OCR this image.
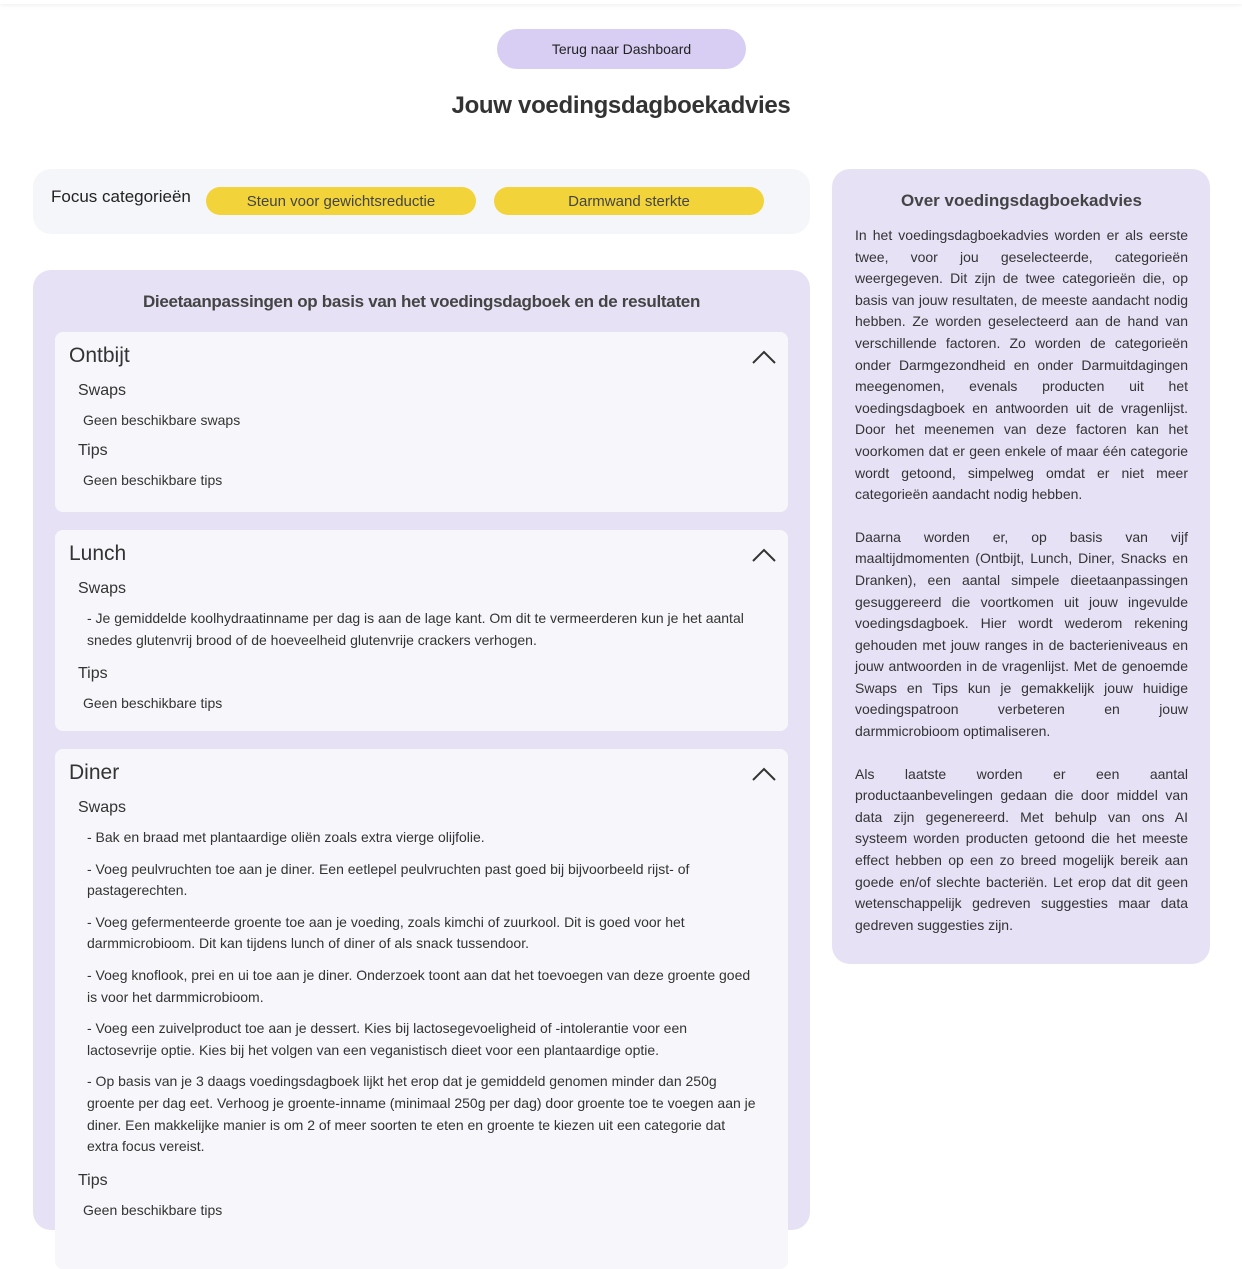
Terug naar Dashboard
Jouw voedingsdagboekadvies
Focus categorieën	Steun voor gewichtsreductie	Darmwand sterkte
Dieetaanpassingen op basis van het voedingsdagboek en de resultaten
Ontbijt
Swaps
Geen beschikbare swaps
Tips
Geen beschikbare tips
Lunch
Swaps
- Je gemiddelde koolhydraatinname per dag is aan de lage kant. Om dit te vermeerderen kun je het aantal snedes glutenvrij brood of de hoeveelheid glutenvrije crackers verhogen.
Tips
Geen beschikbare tips
Diner
Swaps
- Bak en braad met plantaardige oliën zoals extra vierge olijfolie.
- Voeg peulvruchten toe aan je diner. Een eetlepel peulvruchten past goed bij bijvoorbeeld rijst- of pastagerechten.
- Voeg gefermenteerde groente toe aan je voeding, zoals kimchi of zuurkool. Dit is goed voor het darmmicrobioom. Dit kan tijdens lunch of diner of als snack tussendoor.
- Voeg knoflook, prei en ui toe aan je diner. Onderzoek toont aan dat het toevoegen van deze groente goed is voor het darmmicrobioom.
- Voeg een zuivelproduct toe aan je dessert. Kies bij lactosegevoeligheid of -intolerantie voor een lactosevrije optie. Kies bij het volgen van een veganistisch dieet voor een plantaardige optie.
- Op basis van je 3 daags voedingsdagboek lijkt het erop dat je gemiddeld genomen minder dan 250g groente per dag eet. Verhoog je groente-inname (minimaal 250g per dag) door groente toe te voegen aan je diner. Een makkelijke manier is om 2 of meer soorten te eten en groente te kiezen uit een categorie dat extra focus vereist.
Tips
Geen beschikbare tips
Over voedingsdagboekadvies

In het voedingsdagboekadvies worden er als eerste twee, voor jou geselecteerde, categorieën weergegeven. Dit zijn de twee categorieën die, op basis van jouw resultaten, de meeste aandacht nodig hebben. Ze worden geselecteerd aan de hand van verschillende factoren. Zo worden de categorieën onder Darmgezondheid en onder Darmuitdagingen meegenomen, evenals producten uit het voedingsdagboek en antwoorden uit de vragenlijst. Door het meenemen van deze factoren kan het voorkomen dat er geen enkele of maar één categorie wordt getoond, simpelweg omdat er niet meer categorieën aandacht nodig hebben.

Daarna worden er, op basis van vijf maaltijdmomenten (Ontbijt, Lunch, Diner, Snacks en Dranken), een aantal simpele dieetaanpassingen gesuggereerd die voortkomen uit jouw ingevulde voedingsdagboek. Hier wordt wederom rekening gehouden met jouw ranges in de bacterieniveaus en jouw antwoorden in de vragenlijst. Met de genoemde Swaps en Tips kun je gemakkelijk jouw huidige voedingspatroon verbeteren en jouw darmmicrobioom optimaliseren.

Als laatste worden er een aantal productaanbevelingen gedaan die door middel van data zijn gegenereerd. Met behulp van ons AI systeem worden producten getoond die het meeste effect hebben op een zo breed mogelijk bereik aan goede en/of slechte bacteriën. Let erop dat dit geen wetenschappelijk gedreven suggesties maar data gedreven suggesties zijn.
